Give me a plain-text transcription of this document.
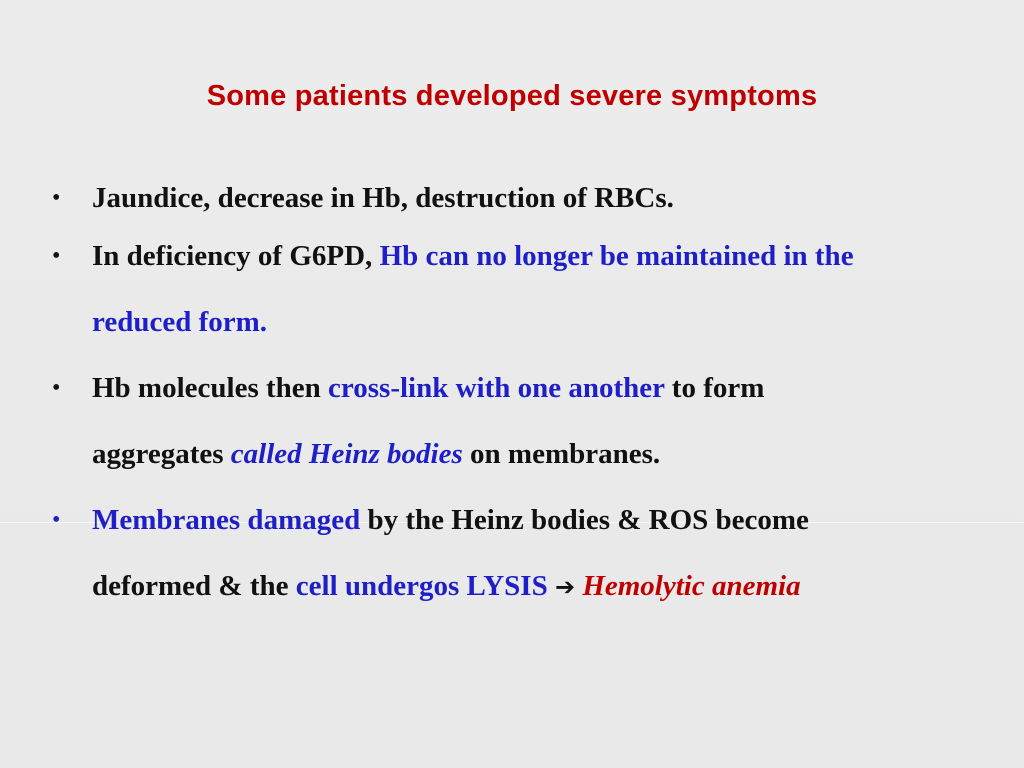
Some patients developed severe symptoms
• Jaundice, decrease in Hb, destruction of RBCs.
• In deficiency of G6PD, Hb can no longer be maintained in the
reduced form.
• Hb molecules then cross-link with one another to form
aggregates called Heinz bodies on membranes.
• Membranes damaged by the Heinz bodies & ROS become
deformed & the cell undergos LYSIS ➔ Hemolytic anemia
